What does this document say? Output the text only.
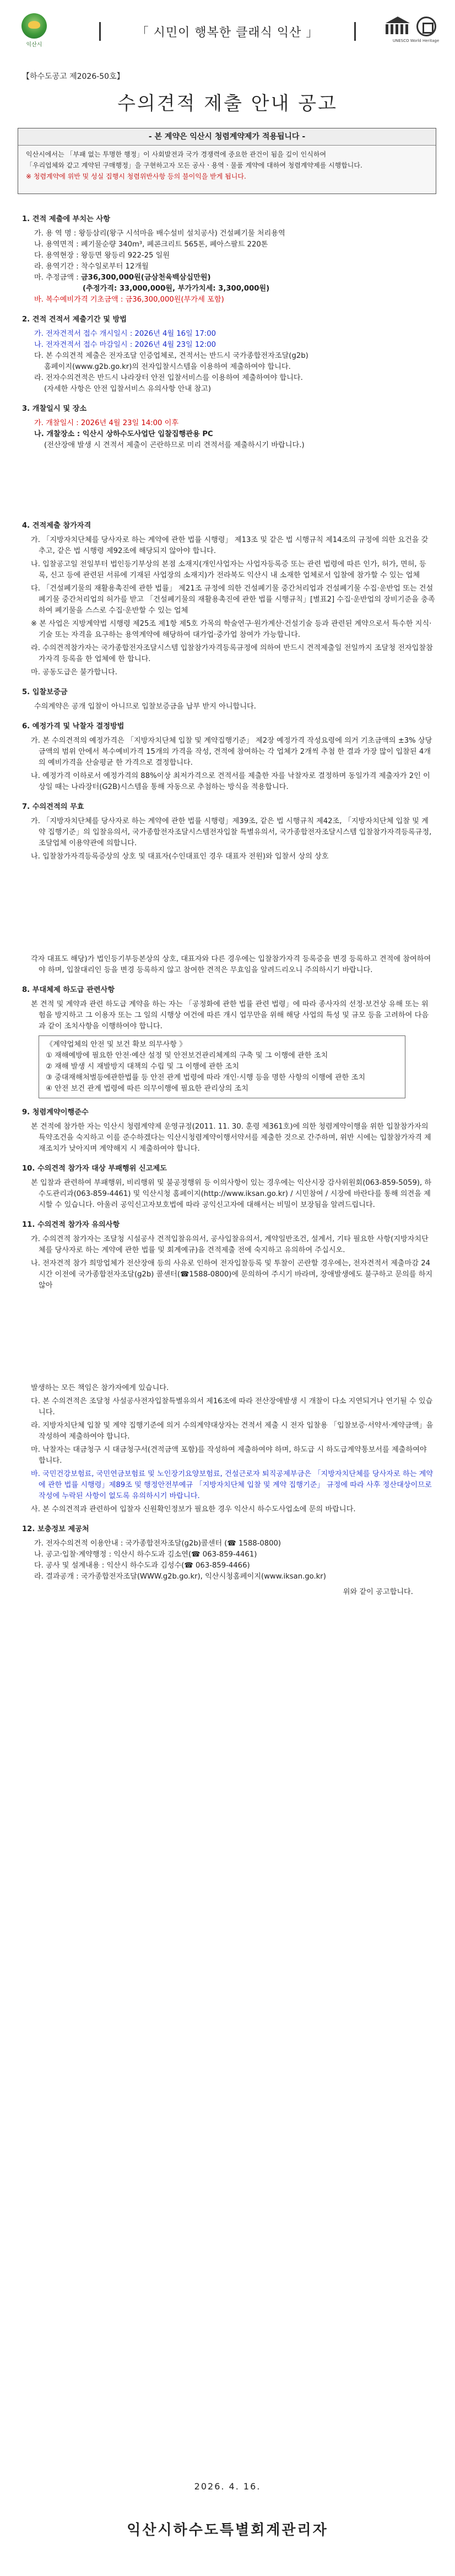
익산시
「 시민이 행복한 클래식 익산 」
UNESCO World Heritage
【하수도공고 제2026-50호】
수의견적 제출 안내 공고
- 본 계약은 익산시 청렴계약제가 적용됩니다 -
익산시에서는 「부패 없는 투명한 행정」이 사회발전과 국가 경쟁력에 중요한 관건이 됨을 깊이 인식하여
「우리업체와 같고 계약된 구매행정」을 구현하고자 모든 공사ㆍ용역ㆍ물품 계약에 대하여 청렴계약제를 시행합니다.
※ 청렴계약에 위반 및 성실 집행시 청렴위반사항 등의 불이익을 받게 됩니다.

1. 견적 제출에 부치는 사항

가. 용 역 명 : 왕등삼리(왕구 시석마을 배수설비 설치공사) 건설폐기물 처리용역

나. 용역면적 : 폐기물순량 340m³, 폐콘크리트 565톤, 폐아스팔트 220톤

다. 용역현장 : 왕등면 왕등리 922-25 일원

라. 용역기간 : 착수일로부터 12개월

마. 추정금액 : 금36,300,000원(금삼천육백삼십만원)

(추정가격: 33,000,000원, 부가가치세: 3,300,000원)

바. 복수예비가격 기초금액 : 금36,300,000원(부가세 포함)

2. 견적 견적서 제출기간 및 방법

가. 전자견적서 접수 개시일시 : 2026년 4월 16일 17:00

나. 전자견적서 접수 마감일시 : 2026년 4월 23일 12:00

다. 본 수의견적 제출은 전자조달 인증업체로, 견적서는 반드시 국가종합전자조달(g2b)

홈페이지(www.g2b.go.kr)의 전자입찰시스템을 이용하여 제출하여야 합니다.

라. 전자수의견적은 반드시 나라장터 안전 입찰서비스를 이용하여 제출하여야 합니다.

(자세한 사항은 안전 입찰서비스 유의사항 안내 참고)

3. 개찰일시 및 장소

가. 개찰일시 : 2026년 4월 23일 14:00 이후

나. 개찰장소 : 익산시 상하수도사업단 입찰집행관용 PC

(전산장애 발생 시 견적서 제출이 곤란하므로 미리 견적서를 제출하시기 바랍니다.)

4. 견적제출 참가자격

가. 「지방자치단체를 당사자로 하는 계약에 관한 법률 시행령」 제13조 및 같은 법 시행규칙 제14조의 규정에 의한 요건을 갖추고, 같은 법 시행령 제92조에 해당되지 않아야 합니다.

나. 입찰공고일 전일부터 법인등기부상의 본점 소재지(개인사업자는 사업자등록증 또는 관련 법령에 따른 인가, 허가, 면허, 등록, 신고 등에 관련된 서류에 기재된 사업장의 소재지)가 전라북도 익산시 내 소재한 업체로서 입찰에 참가할 수 있는 업체

다. 「건설폐기물의 재활용촉진에 관한 법률」 제21조 규정에 의한 건설폐기물 중간처리업과 건설폐기물 수집·운반업 또는 건설폐기물 중간처리업의 허가를 받고 「건설폐기물의 재활용촉진에 관한 법률 시행규칙」[별표2] 수집·운반업의 장비기준을 충족하여 폐기물을 스스로 수집·운반할 수 있는 업체

※ 본 사업은 지방계약법 시행령 제25조 제1항 제5호 가목의 학술연구·원가계산·건설기술 등과 관련된 계약으로서 특수한 지식·기술 또는 자격을 요구하는 용역계약에 해당하여 대가업·중가업 참여가 가능합니다.

라. 수의견적참가자는 국가종합전자조달시스템 입찰참가자격등록규정에 의하여 반드시 견적제출일 전일까지 조달청 전자입찰참가자격 등록을 한 업체에 한 합니다.

마. 공동도급은 불가합니다.

5. 입찰보증금

수의계약은 공개 입찰이 아니므로 입찰보증금을 납부 받지 아니합니다.

6. 예정가격 및 낙찰자 결정방법

가. 본 수의견적의 예정가격은 「지방자치단체 입찰 및 계약집행기준」 제2장 예정가격 작성요령에 의거 기초금액의 ±3% 상당금액의 범위 안에서 복수예비가격 15개의 가격을 작성, 견적에 참여하는 각 업체가 2개씩 추첨 한 결과 가장 많이 입찰된 4개의 예비가격을 산술평균 한 가격으로 결정합니다.

나. 예정가격 이하로서 예정가격의 88%이상 최저가격으로 견적서를 제출한 자를 낙찰자로 결정하며 동일가격 제출자가 2인 이상일 때는 나라장터(G2B)시스템을 통해 자동으로 추첨하는 방식을 적용합니다.

7. 수의견적의 무효

가. 「지방자치단체를 당사자로 하는 계약에 관한 법률 시행령」제39조, 같은 법 시행규칙 제42조, 「지방자치단체 입찰 및 계약 집행기준」의 입찰유의서, 국가종합전자조달시스템전자입찰 특별유의서, 국가종합전자조달시스템 입찰참가자격등록규정, 조달업체 이용약관에 의합니다.

나. 입찰참가자격등록증상의 상호 및 대표자(수인대표인 경우 대표자 전원)와 입찰서 상의 상호

각자 대표도 해당)가 법인등기부등본상의 상호, 대표자와 다른 경우에는 입찰참가자격 등록증을 변경 등록하고 견적에 참여하여야 하며, 입찰대리인 등을 변경 등록하지 않고 참여한 견적은 무효임을 알려드리오니 주의하시기 바랍니다.

8. 부대체제 하도급 관련사항

본 견적 및 계약과 관련 하도급 계약을 하는 자는 「공정화에 관한 법률 관련 법령」에 따라 종사자의 선정·보건상 유해 또는 위험을 방지하고 그 이용자 또는 그 일의 시행상 여건에 따른 개시 업무만을 위해 해당 사업의 특성 및 규모 등을 고려하여 다음과 같이 조치사항을 이행하여야 합니다.

《계약업체의 안전 및 보건 확보 의무사항 》

① 재해예방에 필요한 안전·예산 설정 및 안전보건관리체계의 구축 및 그 이행에 관한 조치

② 재해 발생 시 재발방지 대책의 수립 및 그 이행에 관한 조치

③ 중대재해처벌등에관한법률 등 안전 관계 법령에 따라 개인·시행 등을 명한 사항의 이행에 관한 조치

④ 안전 보건 관계 법령에 따른 의무이행에 필요한 관리상의 조치

9. 청렴계약이행준수

본 견적에 참가한 자는 익산시 청렴계약제 운영규정(2011. 11. 30. 훈령 제361호)에 의한 청렴계약이행을 위한 입찰참가자의 특약조건을 숙지하고 이를 준수하겠다는 익산시청렴계약이행서약서를 제출한 것으로 간주하며, 위반 시에는 입찰참가자격 제재조치가 낮아지며 계약해지 시 제출하여야 합니다.

10. 수의견적 참가자 대상 부패행위 신고제도

본 입찰과 관련하여 부패행위, 비리행위 및 불공정행위 등 이의사항이 있는 경우에는 익산시장 감사위원회(063-859-5059), 하수도관리과(063-859-4461) 및 익산시청 홈페이지(http://www.iksan.go.kr) / 시민참여 / 시장에 바란다를 통해 의견을 제시할 수 있습니다. 아울러 공익신고자보호법에 따라 공익신고자에 대해서는 비밀이 보장됨을 알려드립니다.

11. 수의견적 참가자 유의사항

가. 수의견적 참가자는 조달청 시설공사 견적입찰유의서, 공사입찰유의서, 계약일반조건, 설계서, 기타 필요한 사항(지방자치단체를 당사자로 하는 계약에 관한 법률 및 회계예규)을 견적제출 전에 숙지하고 유의하여 주십시오.

나. 전자견적 참가 희망업체가 전산장애 등의 사유로 인하여 전자입찰등록 및 투찰이 곤란할 경우에는, 전자견적서 제출마감 24시간 이전에 국가종합전자조달(g2b) 콜센터(☎1588-0800)에 문의하여 주시기 바라며, 장애발생에도 불구하고 문의를 하지 않아

발생하는 모든 책임은 참가자에게 있습니다.

다. 본 수의견적은 조달청 사설공사전자입찰특별유의서 제16조에 따라 전산장애발생 시 개찰이 다소 지연되거나 연기될 수 있습니다.

라. 지방자치단체 입찰 및 계약 집행기준에 의거 수의계약대상자는 견적서 제출 시 전자 입찰용 「입찰보증·서약서·계약금액」을 작성하여 제출하여야 합니다.

마. 낙찰자는 대금청구 시 대금청구서(견적금액 포함)를 작성하여 제출하여야 하며, 하도급 시 하도급계약통보서를 제출하여야 합니다.

바. 국민건강보험료, 국민연금보험료 및 노인장기요양보험료, 건설근로자 퇴직공제부금은 「지방자치단체를 당사자로 하는 계약에 관한 법률 시행령」제89조 및 행정안전부예규 「지방자치단체 입찰 및 계약 집행기준」 규정에 따라 사후 정산대상이므로 작성에 누락된 사항이 없도록 유의하시기 바랍니다.

사. 본 수의견적과 관련하여 입찰자 신원확인정보가 필요한 경우 익산시 하수도사업소에 문의 바랍니다.

12. 보충정보 제공처

가. 전자수의견적 이용안내 : 국가종합전자조달(g2b)콜센터 (☎ 1588-0800)

나. 공고·입찰·계약행정 : 익산시 하수도과 김소연(☎ 063-859-4461)

다. 공사 및 설계내용 : 익산시 하수도과 김성수(☎ 063-859-4466)

라. 결과공개 : 국가종합전자조달(WWW.g2b.go.kr), 익산시청홈페이지(www.iksan.go.kr)

위와 같이 공고합니다.

2026. 4. 16.
익산시하수도특별회계관리자
